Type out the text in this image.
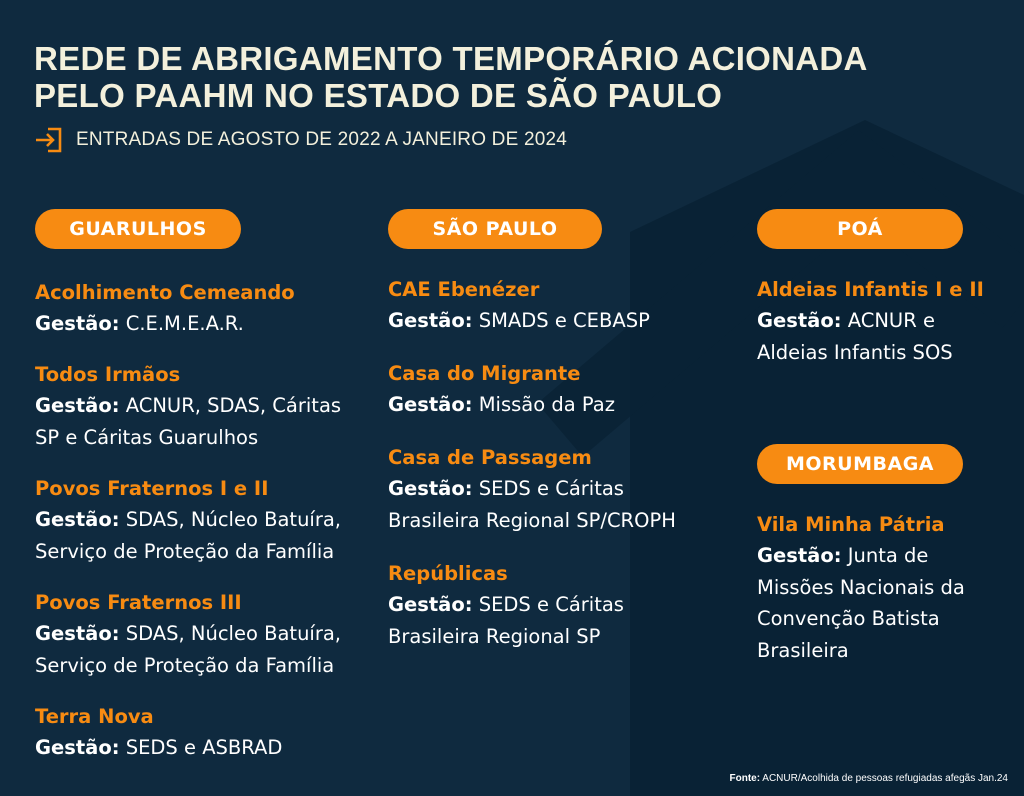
REDE DE ABRIGAMENTO TEMPORÁRIO ACIONADA
PELO PAAHM NO ESTADO DE SÃO PAULO
ENTRADAS DE AGOSTO DE 2022 A JANEIRO DE 2024
GUARULHOS
Acolhimento Cemeando
Gestão: C.E.M.E.A.R.
Todos Irmãos
Gestão: ACNUR, SDAS, Cáritas
SP e Cáritas Guarulhos
Povos Fraternos I e II
Gestão: SDAS, Núcleo Batuíra,
Serviço de Proteção da Família
Povos Fraternos III
Gestão: SDAS, Núcleo Batuíra,
Serviço de Proteção da Família
Terra Nova
Gestão: SEDS e ASBRAD
SÃO PAULO
CAE Ebenézer
Gestão: SMADS e CEBASP
Casa do Migrante
Gestão: Missão da Paz
Casa de Passagem
Gestão: SEDS e Cáritas
Brasileira Regional SP/CROPH
Repúblicas
Gestão: SEDS e Cáritas
Brasileira Regional SP
POÁ
Aldeias Infantis I e II
Gestão: ACNUR e
Aldeias Infantis SOS
MORUMBAGA
Vila Minha Pátria
Gestão: Junta de
Missões Nacionais da
Convenção Batista
Brasileira
Fonte: ACNUR/Acolhida de pessoas refugiadas afegãs Jan.24
